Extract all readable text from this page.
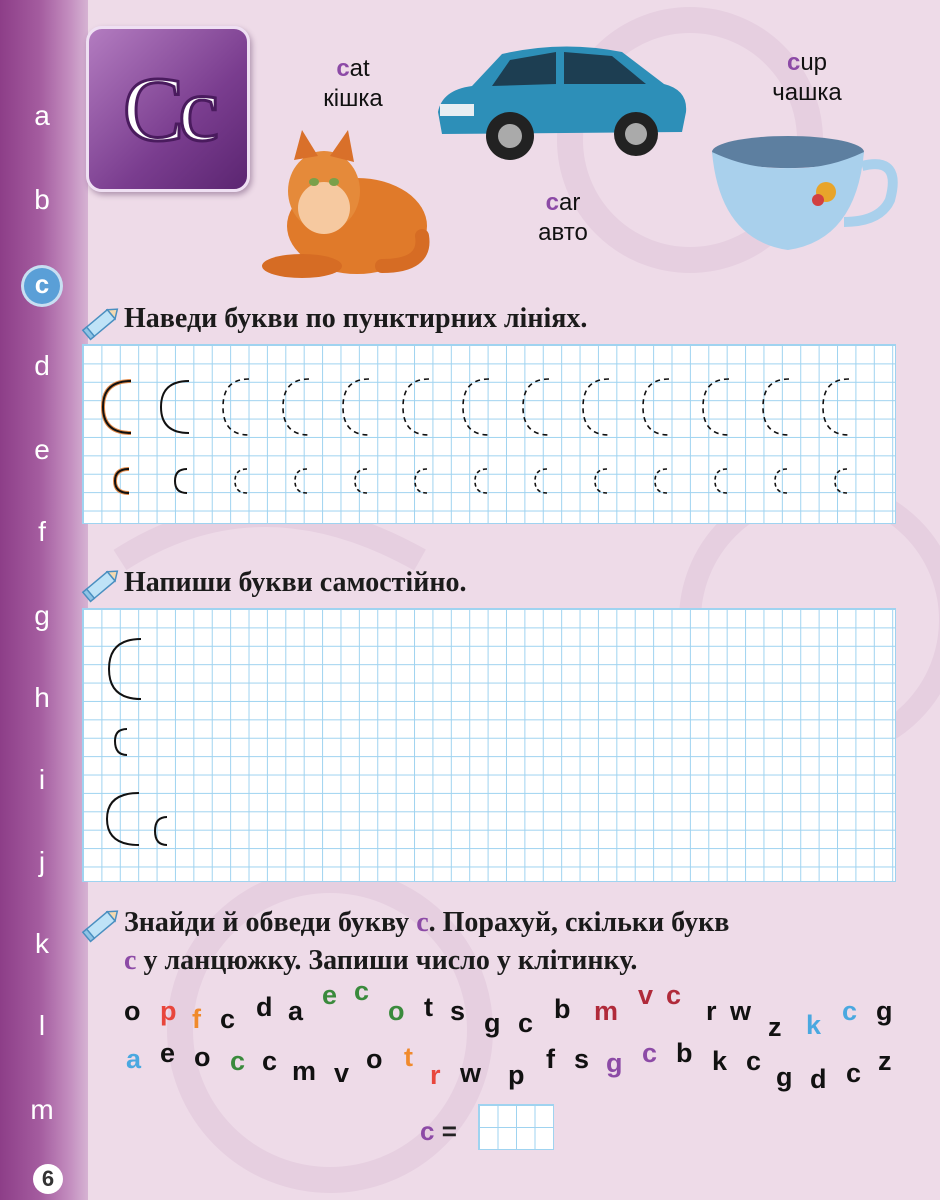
a
b
c
d
e
f
g
h
i
j
k
l
m
6
Cc	cat
кішка
car
авто
cup
чашка
Наведи букви по пунктирних лініях.
Напиши букви самостійно.
Знайди й обведи букву c. Порахуй, скільки букв
c у ланцюжку. Запиши число у клітинку.
o p f c d a
e c
o t s g c b m
v c
r w
z k c g
a e o c c m v o t
r w p
f s g c b k c
g d c z
c =
